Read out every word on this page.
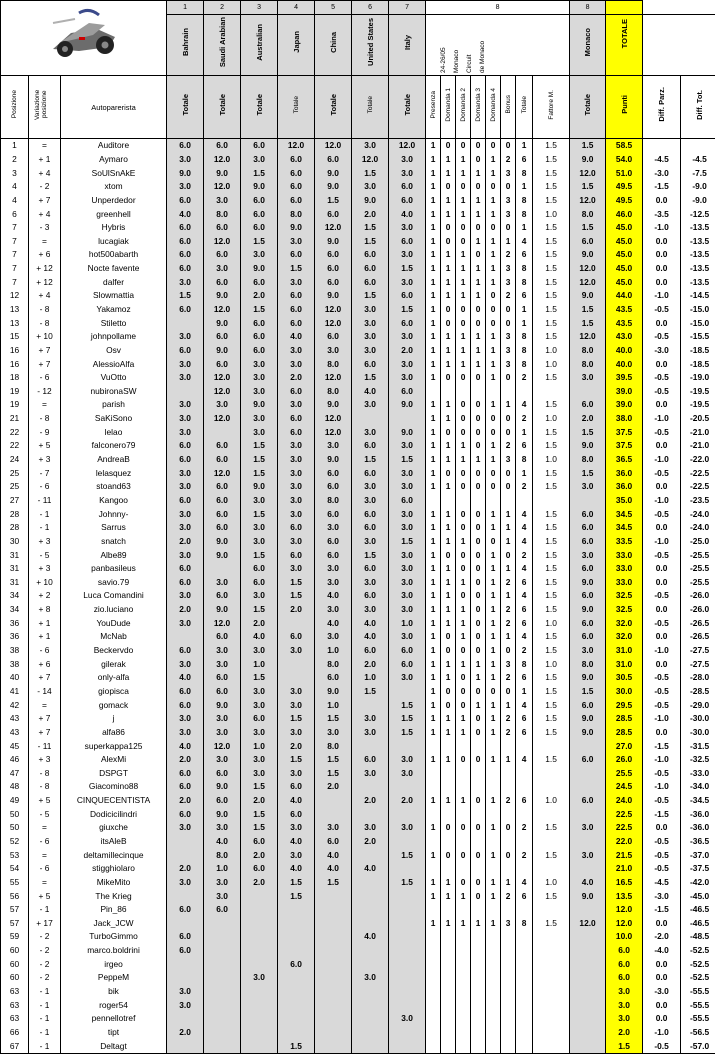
	1	2	3	4	5	6	7	8								8			
			Bahrain	Saudi Arabian	Australian	Japan	China	United States	Italy	24-26/05 Monaco Circuit de Monaco								Monaco	TOTALE		
Posizione	Variazione posizione	Autoparerista	Totale	Totale	Totale	Totale	Totale	Totale	Totale	Presenza	Domanda 1	Domanda 2	Domanda 3	Domanda 4	Bonus	Totale	Fattore M.	Totale	Punti	Diff. Parz.	Diff. Tot.
1	=	Auditore	6.0	6.0	6.0	12.0	12.0	3.0	12.0	1	0	0	0	0	0	1	1.5	1.5	58.5		
2	+ 1	Aymaro	3.0	12.0	3.0	6.0	6.0	12.0	3.0	1	1	1	0	1	2	6	1.5	9.0	54.0	-4.5	-4.5
3	+ 4	SoUlSnAkE	9.0	9.0	1.5	6.0	9.0	1.5	3.0	1	1	1	1	1	3	8	1.5	12.0	51.0	-3.0	-7.5
4	- 2	xtom	3.0	12.0	9.0	6.0	9.0	3.0	6.0	1	0	0	0	0	0	1	1.5	1.5	49.5	-1.5	-9.0
4	+ 7	Unperdedor	6.0	3.0	6.0	6.0	1.5	9.0	6.0	1	1	1	1	1	3	8	1.5	12.0	49.5	0.0	-9.0
6	+ 4	greenhell	4.0	8.0	6.0	8.0	6.0	2.0	4.0	1	1	1	1	1	3	8	1.0	8.0	46.0	-3.5	-12.5
7	- 3	Hybris	6.0	6.0	6.0	9.0	12.0	1.5	3.0	1	0	0	0	0	0	1	1.5	1.5	45.0	-1.0	-13.5
7	=	lucagiak	6.0	12.0	1.5	3.0	9.0	1.5	6.0	1	0	0	1	1	1	4	1.5	6.0	45.0	0.0	-13.5
7	+ 6	hot500abarth	6.0	6.0	3.0	6.0	6.0	6.0	3.0	1	1	1	0	1	2	6	1.5	9.0	45.0	0.0	-13.5
7	+ 12	Nocte favente	6.0	3.0	9.0	1.5	6.0	6.0	1.5	1	1	1	1	1	3	8	1.5	12.0	45.0	0.0	-13.5
7	+ 12	dalfer	3.0	6.0	6.0	3.0	6.0	6.0	3.0	1	1	1	1	1	3	8	1.5	12.0	45.0	0.0	-13.5
12	+ 4	Slowmattia	1.5	9.0	2.0	6.0	9.0	1.5	6.0	1	1	1	1	0	2	6	1.5	9.0	44.0	-1.0	-14.5
13	- 8	Yakamoz	6.0	12.0	1.5	6.0	12.0	3.0	1.5	1	0	0	0	0	0	1	1.5	1.5	43.5	-0.5	-15.0
13	- 8	Stiletto		9.0	6.0	6.0	12.0	3.0	6.0	1	0	0	0	0	0	1	1.5	1.5	43.5	0.0	-15.0
15	+ 10	johnpollame	3.0	6.0	6.0	4.0	6.0	3.0	3.0	1	1	1	1	1	3	8	1.5	12.0	43.0	-0.5	-15.5
16	+ 7	Osv	6.0	9.0	6.0	3.0	3.0	3.0	2.0	1	1	1	1	1	3	8	1.0	8.0	40.0	-3.0	-18.5
16	+ 7	AlessioAlfa	3.0	6.0	3.0	3.0	8.0	6.0	3.0	1	1	1	1	1	3	8	1.0	8.0	40.0	0.0	-18.5
18	- 6	VuOtto	3.0	12.0	3.0	2.0	12.0	1.5	3.0	1	0	0	0	1	0	2	1.5	3.0	39.5	-0.5	-19.0
19	- 12	nubironaSW		12.0	3.0	6.0	8.0	4.0	6.0										39.0	-0.5	-19.5
19	=	parish	3.0	3.0	9.0	3.0	9.0	3.0	9.0	1	1	0	0	1	1	4	1.5	6.0	39.0	0.0	-19.5
21	- 8	SaKiSono	3.0	12.0	3.0	6.0	12.0			1	1	0	0	0	0	2	1.0	2.0	38.0	-1.0	-20.5
22	- 9	lelao	3.0		3.0	6.0	12.0	3.0	9.0	1	0	0	0	0	0	1	1.5	1.5	37.5	-0.5	-21.0
22	+ 5	falconero79	6.0	6.0	1.5	3.0	3.0	6.0	3.0	1	1	1	0	1	2	6	1.5	9.0	37.5	0.0	-21.0
24	+ 3	AndreaB	6.0	6.0	1.5	3.0	9.0	1.5	1.5	1	1	1	1	1	3	8	1.0	8.0	36.5	-1.0	-22.0
25	- 7	lelasquez	3.0	12.0	1.5	3.0	6.0	6.0	3.0	1	0	0	0	0	0	1	1.5	1.5	36.0	-0.5	-22.5
25	- 6	stoand63	3.0	6.0	9.0	3.0	6.0	3.0	3.0	1	1	0	0	0	0	2	1.5	3.0	36.0	0.0	-22.5
27	- 11	Kangoo	6.0	6.0	3.0	3.0	8.0	3.0	6.0										35.0	-1.0	-23.5
28	- 1	Johnny-	3.0	6.0	1.5	3.0	6.0	6.0	3.0	1	1	0	0	1	1	4	1.5	6.0	34.5	-0.5	-24.0
28	- 1	Sarrus	3.0	6.0	3.0	6.0	3.0	6.0	3.0	1	1	0	0	1	1	4	1.5	6.0	34.5	0.0	-24.0
30	+ 3	snatch	2.0	9.0	3.0	3.0	6.0	3.0	1.5	1	1	1	0	0	1	4	1.5	6.0	33.5	-1.0	-25.0
31	- 5	Albe89	3.0	9.0	1.5	6.0	6.0	1.5	3.0	1	0	0	0	1	0	2	1.5	3.0	33.0	-0.5	-25.5
31	+ 3	panbasileus	6.0		6.0	3.0	3.0	6.0	3.0	1	1	0	0	1	1	4	1.5	6.0	33.0	0.0	-25.5
31	+ 10	savio.79	6.0	3.0	6.0	1.5	3.0	3.0	3.0	1	1	1	0	1	2	6	1.5	9.0	33.0	0.0	-25.5
34	+ 2	Luca Comandini	3.0	6.0	3.0	1.5	4.0	6.0	3.0	1	1	0	0	1	1	4	1.5	6.0	32.5	-0.5	-26.0
34	+ 8	zio.luciano	2.0	9.0	1.5	2.0	3.0	3.0	3.0	1	1	1	0	1	2	6	1.5	9.0	32.5	0.0	-26.0
36	+ 1	YouDude	3.0	12.0	2.0		4.0	4.0	1.0	1	1	1	0	1	2	6	1.0	6.0	32.0	-0.5	-26.5
36	+ 1	McNab		6.0	4.0	6.0	3.0	4.0	3.0	1	0	1	0	1	1	4	1.5	6.0	32.0	0.0	-26.5
38	- 6	Beckervdo	6.0	3.0	3.0	3.0	1.0	6.0	6.0	1	0	0	0	1	0	2	1.5	3.0	31.0	-1.0	-27.5
38	+ 6	gilerak	3.0	3.0	1.0		8.0	2.0	6.0	1	1	1	1	1	3	8	1.0	8.0	31.0	0.0	-27.5
40	+ 7	only-alfa	4.0	6.0	1.5		6.0	1.0	3.0	1	1	0	1	1	2	6	1.5	9.0	30.5	-0.5	-28.0
41	- 14	giopisca	6.0	6.0	3.0	3.0	9.0	1.5		1	0	0	0	0	0	1	1.5	1.5	30.0	-0.5	-28.5
42	=	gomack	6.0	9.0	3.0	3.0	1.0		1.5	1	0	0	1	1	1	4	1.5	6.0	29.5	-0.5	-29.0
43	+ 7	j	3.0	3.0	6.0	1.5	1.5	3.0	1.5	1	1	1	0	1	2	6	1.5	9.0	28.5	-1.0	-30.0
43	+ 7	alfa86	3.0	3.0	3.0	3.0	3.0	3.0	1.5	1	1	1	0	1	2	6	1.5	9.0	28.5	0.0	-30.0
45	- 11	superkappa125	4.0	12.0	1.0	2.0	8.0												27.0	-1.5	-31.5
46	+ 3	AlexMi	2.0	3.0	3.0	1.5	1.5	6.0	3.0	1	1	0	0	1	1	4	1.5	6.0	26.0	-1.0	-32.5
47	- 8	DSPGT	6.0	6.0	3.0	3.0	1.5	3.0	3.0										25.5	-0.5	-33.0
48	- 8	Giacomino88	6.0	9.0	1.5	6.0	2.0												24.5	-1.0	-34.0
49	+ 5	CINQUECENTISTA	2.0	6.0	2.0	4.0		2.0	2.0	1	1	1	0	1	2	6	1.0	6.0	24.0	-0.5	-34.5
50	- 5	Dodicicilindri	6.0	9.0	1.5	6.0													22.5	-1.5	-36.0
50	=	giuxche	3.0	3.0	1.5	3.0	3.0	3.0	3.0	1	0	0	0	1	0	2	1.5	3.0	22.5	0.0	-36.0
52	- 6	itsAleB		4.0	6.0	4.0	6.0	2.0											22.0	-0.5	-36.5
53	=	deltamillecinque		8.0	2.0	3.0	4.0		1.5	1	0	0	0	1	0	2	1.5	3.0	21.5	-0.5	-37.0
54	- 6	stigghiolaro	2.0	1.0	6.0	4.0	4.0	4.0											21.0	-0.5	-37.5
55	=	MikeMito	3.0	3.0	2.0	1.5	1.5		1.5	1	1	0	0	1	1	4	1.0	4.0	16.5	-4.5	-42.0
56	+ 5	The Krieg		3.0		1.5				1	1	1	0	1	2	6	1.5	9.0	13.5	-3.0	-45.0
57	- 1	Pin_86	6.0	6.0															12.0	-1.5	-46.5
57	+ 17	Jack_JCW								1	1	1	1	1	3	8	1.5	12.0	12.0	0.0	-46.5
59	- 2	TurboGimmo	6.0					4.0											10.0	-2.0	-48.5
60	- 2	marco.boldrini	6.0																6.0	-4.0	-52.5
60	- 2	irgeo				6.0													6.0	0.0	-52.5
60	- 2	PeppeM			3.0			3.0											6.0	0.0	-52.5
63	- 1	bik	3.0																3.0	-3.0	-55.5
63	- 1	roger54	3.0																3.0	0.0	-55.5
63	- 1	pennellotref							3.0										3.0	0.0	-55.5
66	- 1	tipt	2.0																2.0	-1.0	-56.5
67	- 1	Deltagt				1.5													1.5	-0.5	-57.0
